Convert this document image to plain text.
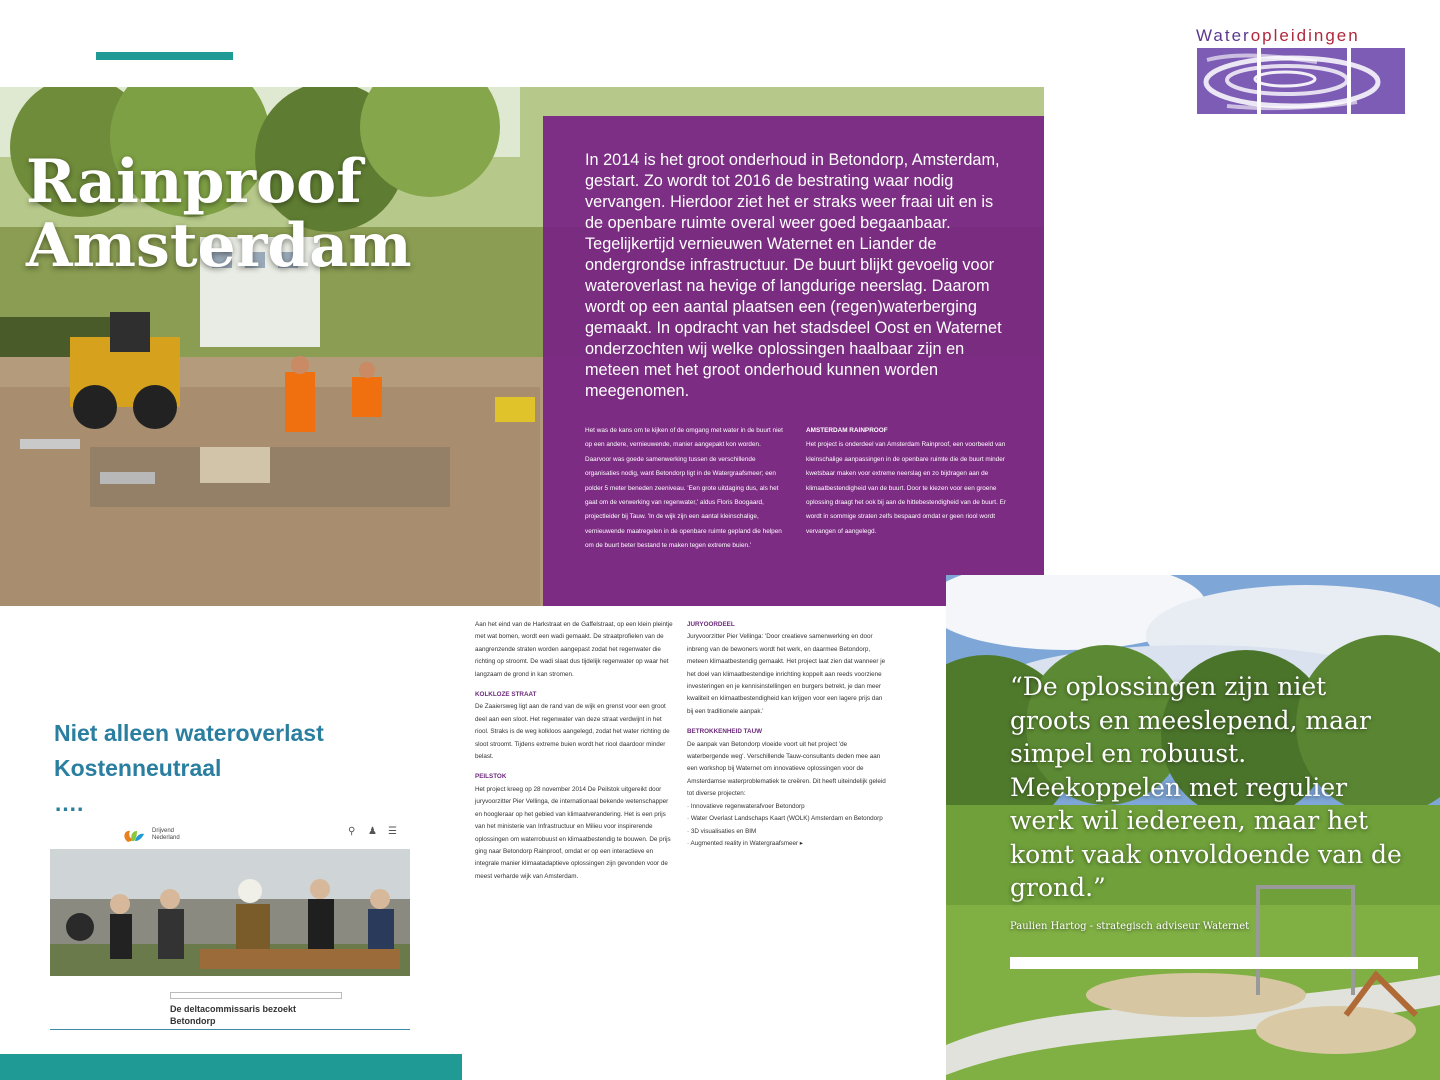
Wateropleidingen
Rainproof
Amsterdam
In 2014 is het groot onderhoud in Betondorp, Amsterdam, gestart. Zo wordt tot 2016 de bestrating waar nodig vervangen. Hierdoor ziet het er straks weer fraai uit en is de openbare ruimte overal weer goed begaanbaar. Tegelijkertijd vernieuwen Waternet en Liander de ondergrondse infrastructuur. De buurt blijkt gevoelig voor wateroverlast na hevige of langdurige neerslag. Daarom wordt op een aantal plaatsen een (regen)waterberging gemaakt. In opdracht van het stadsdeel Oost en Waternet onderzochten wij welke oplossingen haalbaar zijn en meteen met het groot onderhoud kunnen worden meegenomen.
Het was de kans om te kijken of de omgang met water in de buurt niet op een andere, vernieuwende, manier aangepakt kon worden. Daarvoor was goede samenwerking tussen de verschillende organisaties nodig, want Betondorp ligt in de Watergraafsmeer; een polder 5 meter beneden zeeniveau. 'Een grote uitdaging dus, als het gaat om de verwerking van regenwater,' aldus Floris Boogaard, projectleider bij Tauw. 'In de wijk zijn een aantal kleinschalige, vernieuwende maatregelen in de openbare ruimte gepland die helpen om de buurt beter bestand te maken tegen extreme buien.'
AMSTERDAM RAINPROOF
Het project is onderdeel van Amsterdam Rainproof, een voorbeeld van kleinschalige aanpassingen in de openbare ruimte die de buurt minder kwetsbaar maken voor extreme neerslag en zo bijdragen aan de klimaatbestendigheid van de buurt. Door te kiezen voor een groene oplossing draagt het ook bij aan de hittebestendigheid van de buurt. Er wordt in sommige straten zelfs bespaard omdat er geen riool wordt vervangen of aangelegd.

Aan het eind van de Harkstraat en de Gaffelstraat, op een klein pleintje met wat bomen, wordt een wadi gemaakt. De straatprofielen van de aangrenzende straten worden aangepast zodat het regenwater die richting op stroomt. De wadi slaat dus tijdelijk regenwater op waar het langzaam de grond in kan stromen.

KOLKLOZE STRAAT

De Zaaiersweg ligt aan de rand van de wijk en grenst voor een groot deel aan een sloot. Het regenwater van deze straat verdwijnt in het riool. Straks is de weg kolkloos aangelegd, zodat het water richting de sloot stroomt. Tijdens extreme buien wordt het riool daardoor minder belast.

PEILSTOK

Het project kreeg op 28 november 2014 De Peilstok uitgereikt door juryvoorzitter Pier Vellinga, de internationaal bekende wetenschapper en hoogleraar op het gebied van klimaatverandering. Het is een prijs van het ministerie van Infrastructuur en Milieu voor inspirerende oplossingen om waterrobuust en klimaatbestendig te bouwen. De prijs ging naar Betondorp Rainproof, omdat er op een interactieve en integrale manier klimaatadaptieve oplossingen zijn gevonden voor de meest verharde wijk van Amsterdam.

JURYOORDEEL

Juryvoorzitter Pier Vellinga: 'Door creatieve samenwerking en door inbreng van de bewoners wordt het werk, en daarmee Betondorp, meteen klimaatbestendig gemaakt. Het project laat zien dat wanneer je het doel van klimaatbestendige inrichting koppelt aan reeds voorziene investeringen en je kennisinstellingen en burgers betrekt, je dan meer kwaliteit en klimaatbestendigheid kan krijgen voor een lagere prijs dan bij een traditionele aanpak.'

BETROKKENHEID TAUW

De aanpak van Betondorp vloeide voort uit het project 'de waterbergende weg'. Verschillende Tauw-consultants deden mee aan een workshop bij Waternet om innovatieve oplossingen voor de Amsterdamse waterproblematiek te creëren. Dit heeft uiteindelijk geleid tot diverse projecten:

· Innovatieve regenwaterafvoer Betondorp

· Water Overlast Landschaps Kaart (WOLK) Amsterdam en Betondorp

· 3D visualisaties en BIM

· Augmented reality in Watergraafsmeer ▸

“De oplossingen zijn niet groots en meeslepend, maar simpel en robuust. Meekoppelen met regulier werk wil iedereen, maar het komt vaak onvoldoende van de grond.”
Paulien Hartog - strategisch adviseur Waternet
Niet alleen wateroverlast
Kostenneutraal
….
Drijvend
Nederland
⚲ ♟ ☰
De deltacommissaris bezoekt
Betondorp
